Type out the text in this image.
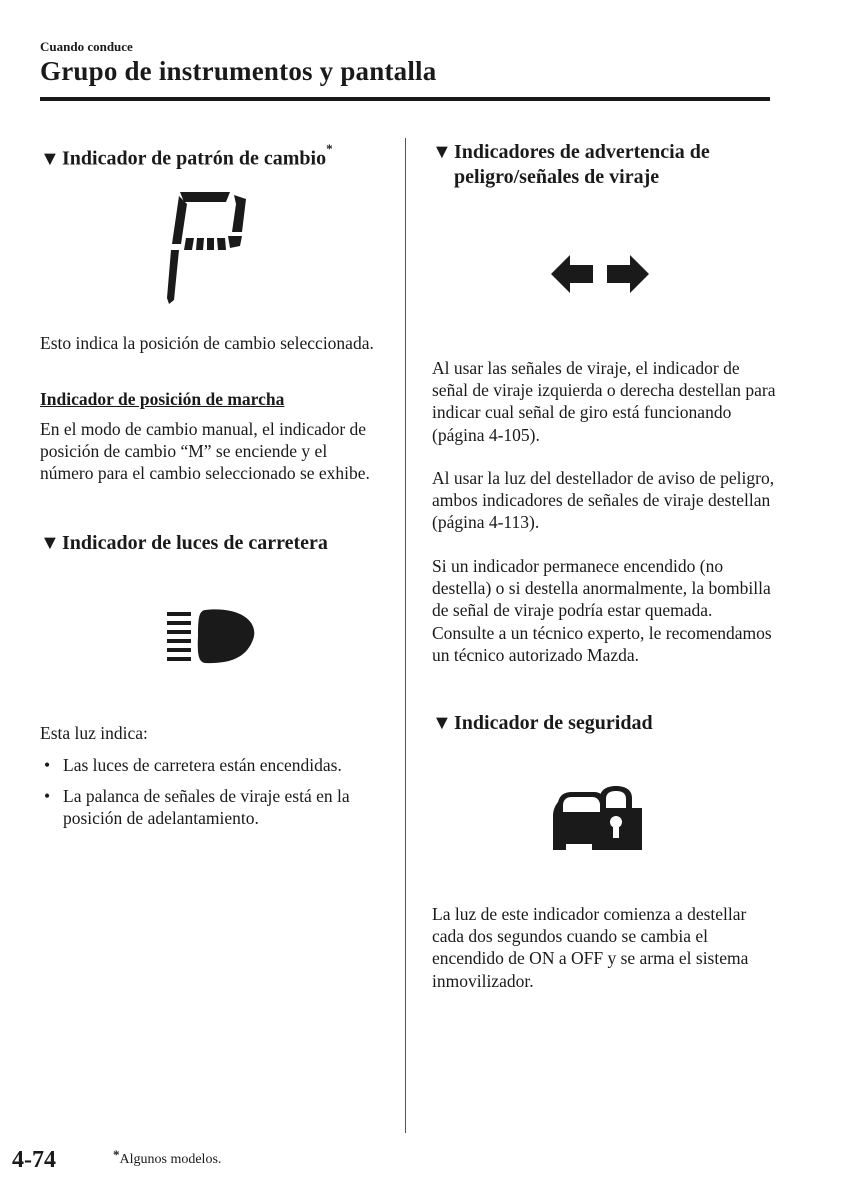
Cuando conduce
Grupo de instrumentos y pantalla
▼ Indicador de patrón de cambio*
Esto indica la posición de cambio seleccionada.
Indicador de posición de marcha
En el modo de cambio manual, el indicador de posición de cambio “M” se enciende y el número para el cambio seleccionado se exhibe.
▼ Indicador de luces de carretera
Esta luz indica:
• Las luces de carretera están encendidas.
• La palanca de señales de viraje está en la posición de adelantamiento.
▼ Indicadores de advertencia de
peligro/señales de viraje
Al usar las señales de viraje, el indicador de señal de viraje izquierda o derecha destellan para indicar cual señal de giro está funcionando (página 4-105).
Al usar la luz del destellador de aviso de peligro, ambos indicadores de señales de viraje destellan (página 4-113).
Si un indicador permanece encendido (no destella) o si destella anormalmente, la bombilla de señal de viraje podría estar quemada. Consulte a un técnico experto, le recomendamos un técnico autorizado Mazda.
▼ Indicador de seguridad
La luz de este indicador comienza a destellar cada dos segundos cuando se cambia el encendido de ON a OFF y se arma el sistema inmovilizador.
4-74	*Algunos modelos.
